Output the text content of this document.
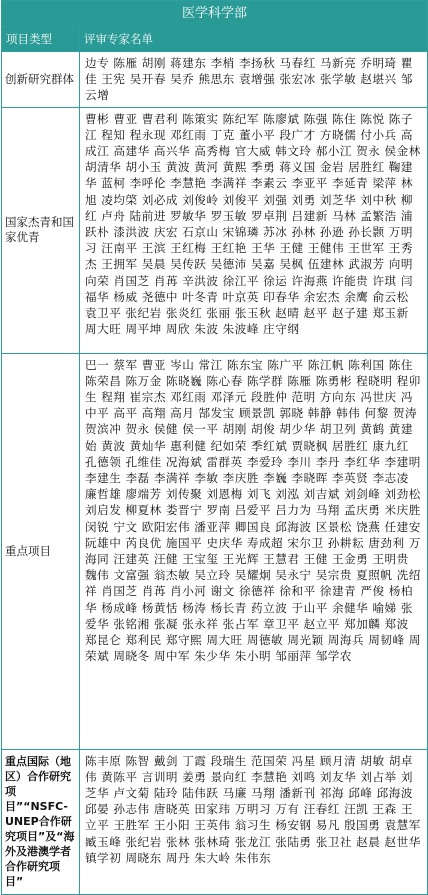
医学科学部	
项目类型	评审专家名单
创新研究群体	边专 陈雁 胡刚 蒋建东 李梢 李扬秋 马春红 马新亮 乔明琦 瞿佳 王宪 吴开春 吴乔 熊思东 袁增强 张宏冰 张学敏 赵堪兴 邹云增
国家杰青和国家优青	曹彬 曹亚 曹君利 陈策实 陈纪军 陈廖斌 陈强 陈住 陈悦 陈子江 程知 程永现 邓红雨 丁克 董小平 段广才 方晓儒 付小兵 高成江 高建华 高兴华 高秀梅 官大威 韩文玲 郝小江 贺永 侯金林 胡清华 胡小玉 黄波 黄河 黄熙 季勇 蒋义国 金岩 居胜红 鞠建华 蓝柯 李呼伦 李慧艳 李满祥 李素云 李亚平 李延青 梁萍 林旭 凌均棨 刘必成 刘俊岭 刘俊平 刘强 刘勇 刘芝华 刘中秋 柳红 卢舟 陆前进 罗敏华 罗玉敏 罗卓荆 吕建新 马林 孟繁浩 浦跃朴 漆洪波 庆宏 石京山 宋锦璘 苏冰 孙林 孙逊 孙长颢 万明习 汪南平 王滨 王红梅 王红艳 王华 王健 王健伟 王世军 王秀杰 王拥军 吴晨 吴传跃 吴德沛 吴嘉 吴枫 伍建林 武淑芳 向明 向荣 肖国芝 肖苒 辛洪波 徐江平 徐运 许海燕 许能贵 许琪 闫福华 杨威 尧德中 叶冬青 叶京英 印春华 余宏杰 余鹰 俞云松 袁卫平 张纪岩 张炎红 张丽 张玉秋 赵晴 赵平 赵子建 郑玉新 周大旺 周平坤 周欣 朱波 朱波峰 庄守纲
重点项目	巴一 蔡军 曹亚 岑山 常江 陈东宝 陈广平 陈江帆 陈利国 陈住 陈荣昌 陈万金 陈晓巍 陈心春 陈学群 陈雁 陈勇彬 程晓明 程卯生 程翔 崔宗杰 邓红雨 邓泽元 段胜仲 范明 方向东 冯世庆 冯中平 高平 高翔 高月 郜发宝 顾景凯 郭晓 韩静 韩伟 何黎 贺涛 贺滨冲 贺永 侯健 侯一平 胡刚 胡俊 胡少华 胡卫列 黄鹤 黄建始 黄波 黄灿华 惠利健 纪如荣 季红斌 贾晓枫 居胜红 康九红 孔德领 孔维佳 况海斌 雷群英 李爱玲 李川 李丹 李红华 李建明 李建生 李磊 李满祥 李敏 李庆胜 李巍 李晓晖 李英贤 李志凌 廉哲雄 廖端芳 刘传聚 刘恩梅 刘飞 刘泓 刘吉斌 刘剑峰 刘劲松 刘启发 柳夏林 娄晋宁 罗南 吕爱平 吕力为 马翔 孟庆勇 米庆胜 闵锐 宁文 欧阳宏伟 潘亚萍 卿国良 邱海波 区景松 饶燕 任建安 阮雄中 芮良优 施国平 史庆华 寿成超 宋尔卫 孙耕耘 唐劲利 万海同 汪建英 汪健 王宝玺 王光辉 王慧君 王健 王金勇 王明贵 魏伟 文富强 翁杰敏 吴立玲 吴耀炯 吴永宁 吴宗贵 夏照帆 冼绍祥 肖国芝 肖苒 肖小河 谢文 徐德祥 徐和平 徐建青 严俊 杨柏华 杨成峰 杨黄恬 杨涛 杨长青 药立波 于山平 余健华 喻娣 张爱华 张铭湘 张凝 张永祥 张占军 章卫平 赵立平 郑加麟 郑波 郑昆仑 郑利民 郑守熙 周大旺 周德敏 周光颖 周海兵 周韧峰 周荣斌 周晓冬 周中军 朱少华 朱小明 邹丽萍 邹学农
重点国际（地区）合作研究项目”“NSFC-UNEP合作研究项目”及“海外及港澳学者合作研究项目”	陈丰原 陈智 戴剑 丁霞 段瑞生 范国荣 冯星 顾月清 胡敏 胡卓伟 黄陈平 言训明 姜勇 景向红 李慧艳 刘鸣 刘友华 刘占举 刘芝华 卢文菊 陆玲 陆伟跃 马廉 马翔 潘新刊 祁海 邱峰 邱海波 邱晏 孙志伟 唐晓英 田家玮 万明习 万有 汪春红 汪凯 王森 王立平 王胜军 王小阳 王英伟 翁习生 杨安钢 易凡 殷国勇 袁慧军 臧玉峰 张纪岩 张林 张林琦 张龙江 张陆勇 张卫社 赵晨 赵世华 镇学初 周晓东 周丹 朱大岭 朱伟东
